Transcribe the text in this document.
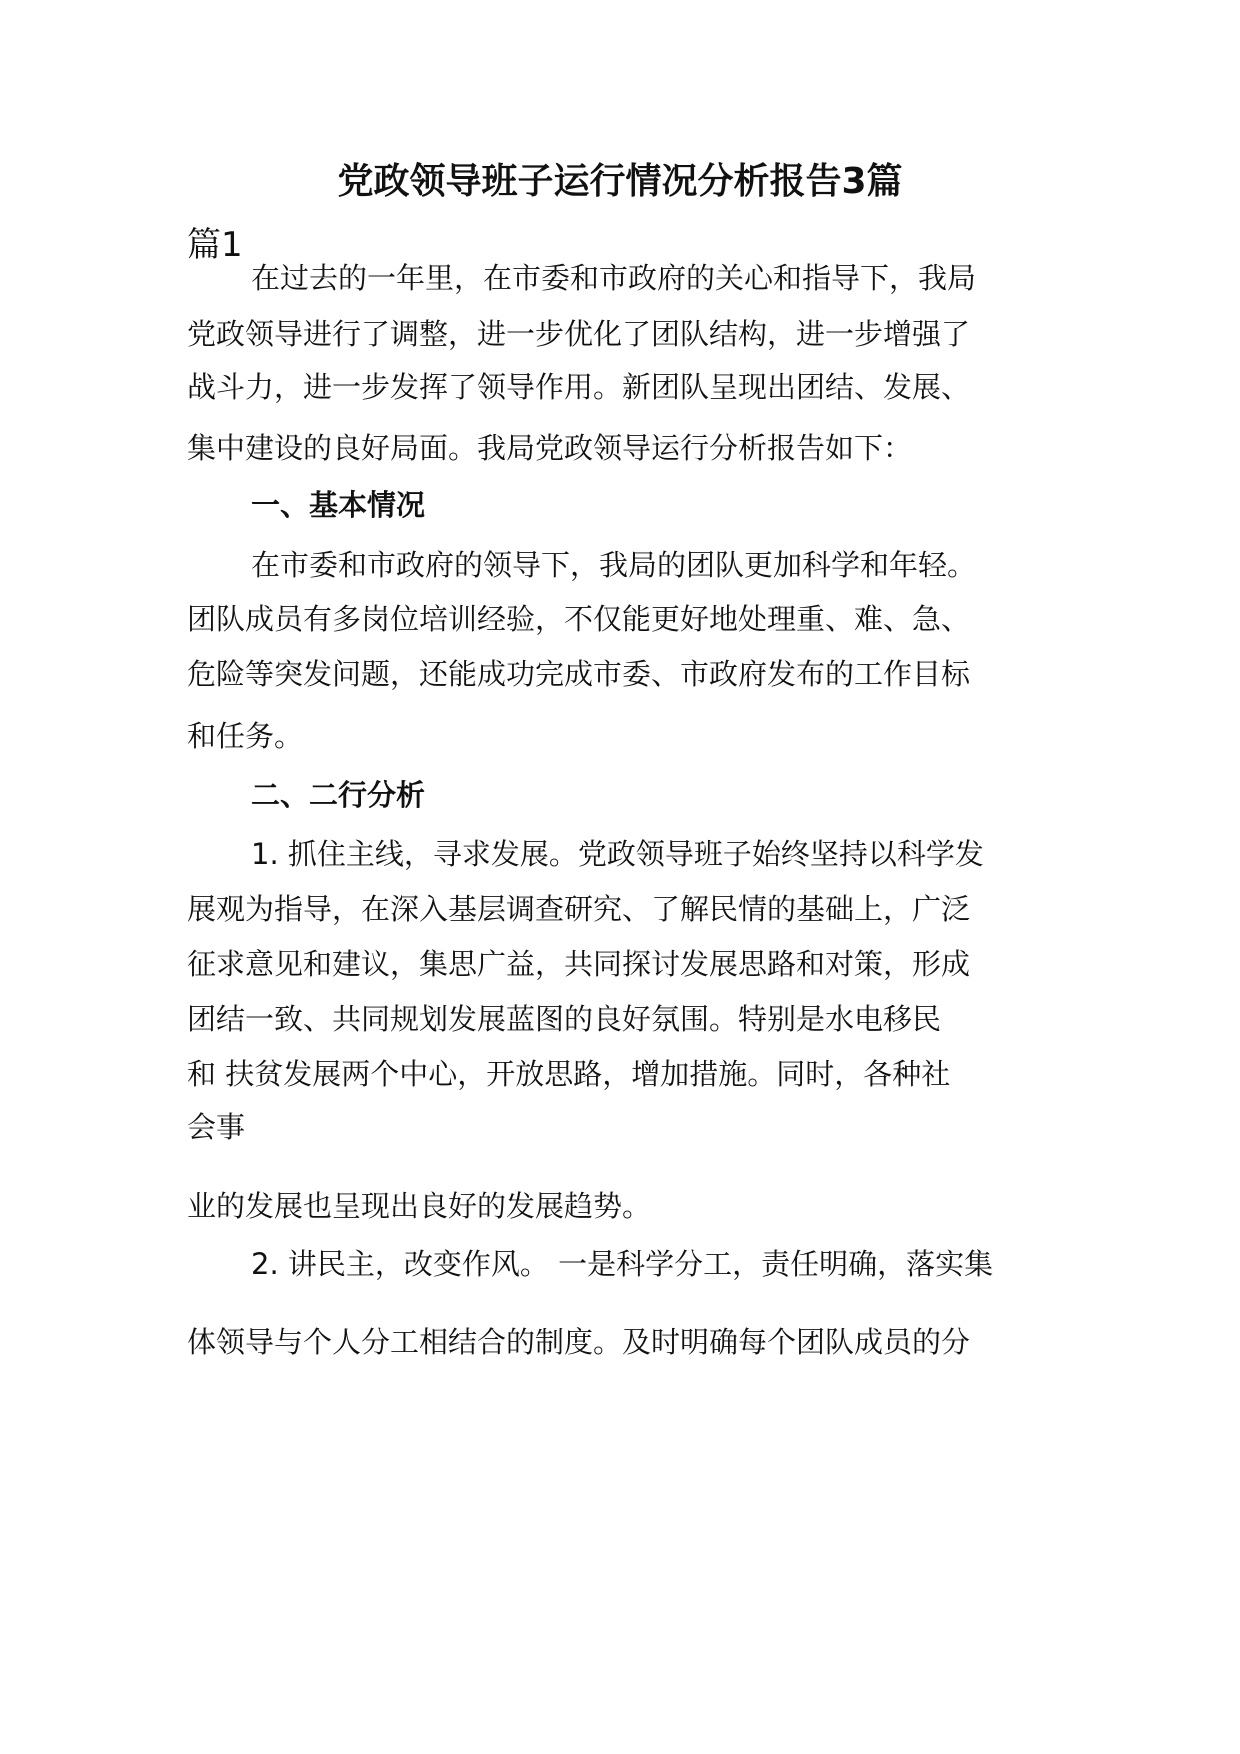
党政领导班子运行情况分析报告3篇
篇1
在过去的一年里，在市委和市政府的关心和指导下，我局
党政领导进行了调整，进一步优化了团队结构，进一步增强了
战斗力，进一步发挥了领导作用。新团队呈现出团结、发展、
集中建设的良好局面。我局党政领导运行分析报告如下：
一、基本情况
在市委和市政府的领导下，我局的团队更加科学和年轻。
团队成员有多岗位培训经验，不仅能更好地处理重、难、急、
危险等突发问题，还能成功完成市委、市政府发布的工作目标
和任务。
二、二行分析
1. 抓住主线，寻求发展。党政领导班子始终坚持以科学发
展观为指导，在深入基层调查研究、了解民情的基础上，广泛
征求意见和建议，集思广益，共同探讨发展思路和对策，形成
团结一致、共同规划发展蓝图的良好氛围。特别是水电移民
和 扶贫发展两个中心，开放思路，增加措施。同时，各种社
会事
业的发展也呈现出良好的发展趋势。
2. 讲民主，改变作风。 一是科学分工，责任明确，落实集
体领导与个人分工相结合的制度。及时明确每个团队成员的分
